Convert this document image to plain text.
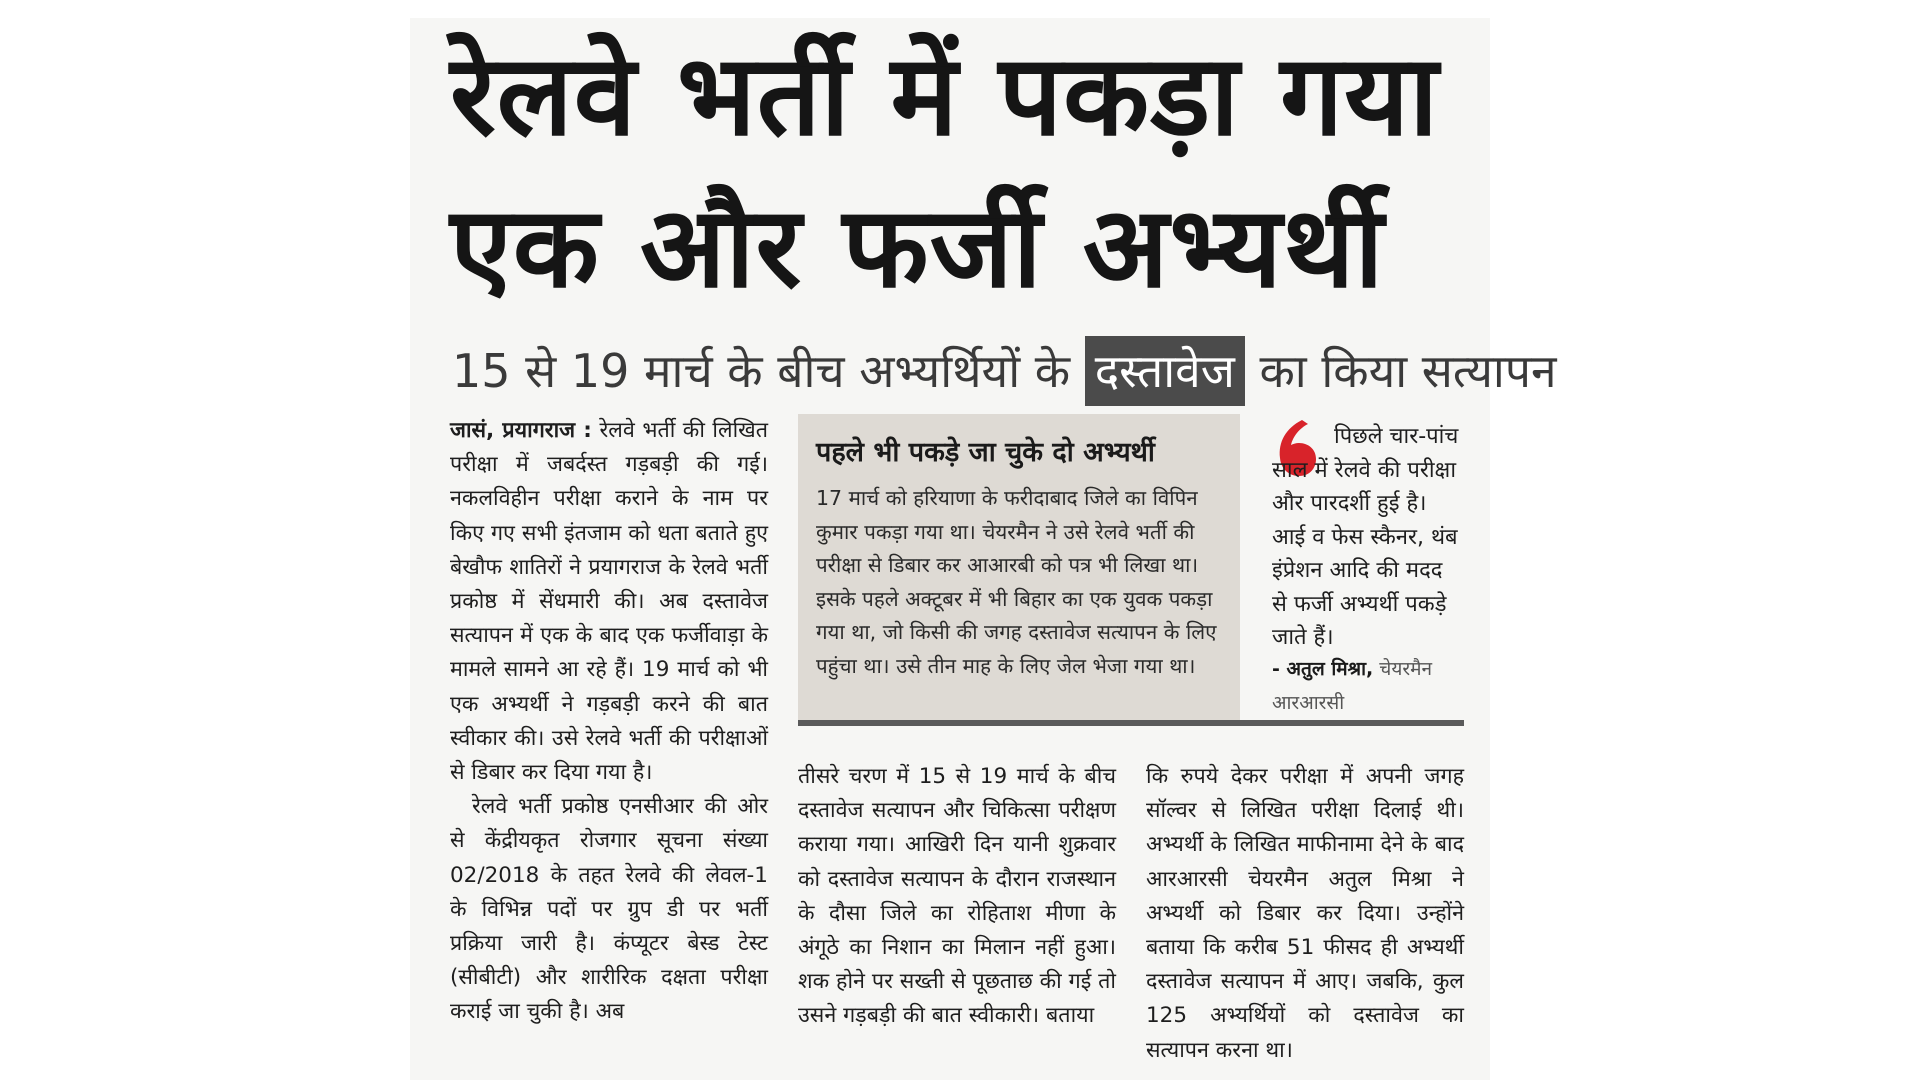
रेलवे भर्ती में पकड़ा गया
एक और फर्जी अभ्यर्थी
15 से 19 मार्च के बीच अभ्यर्थियों के दस्तावेज का किया सत्यापन

जासं, प्रयागराज : रेलवे भर्ती की लिखित परीक्षा में जबर्दस्त गड़बड़ी की गई। नकलविहीन परीक्षा कराने के नाम पर किए गए सभी इंतजाम को धता बताते हुए बेखौफ शातिरों ने प्रयागराज के रेलवे भर्ती प्रकोष्ठ में सेंधमारी की। अब दस्तावेज सत्यापन में एक के बाद एक फर्जीवाड़ा के मामले सामने आ रहे हैं। 19 मार्च को भी एक अभ्यर्थी ने गड़बड़ी करने की बात स्वीकार की। उसे रेलवे भर्ती की परीक्षाओं से डिबार कर दिया गया है।

रेलवे भर्ती प्रकोष्ठ एनसीआर की ओर से केंद्रीयकृत रोजगार सूचना संख्या 02/2018 के तहत रेलवे की लेवल-1 के विभिन्न पदों पर ग्रुप डी पर भर्ती प्रक्रिया जारी है। कंप्यूटर बेस्ड टेस्ट (सीबीटी) और शारीरिक दक्षता परीक्षा कराई जा चुकी है। अब

पहले भी पकड़े जा चुके दो अभ्यर्थी
17 मार्च को हरियाणा के फरीदाबाद जिले का विपिन कुमार पकड़ा गया था। चेयरमैन ने उसे रेलवे भर्ती की परीक्षा से डिबार कर आआरबी को पत्र भी लिखा था। इसके पहले अक्टूबर में भी बिहार का एक युवक पकड़ा गया था, जो किसी की जगह दस्तावेज सत्यापन के लिए पहुंचा था। उसे तीन माह के लिए जेल भेजा गया था।
पिछले चार-पांच साल में रेलवे की परीक्षा और पारदर्शी हुई है। आई व फेस स्कैनर, थंब इंप्रेशन आदि की मदद से फर्जी अभ्यर्थी पकड़े जाते हैं।
- अतुल मिश्रा, चेयरमैन आरआरसी
तीसरे चरण में 15 से 19 मार्च के बीच दस्तावेज सत्यापन और चिकित्सा परीक्षण कराया गया। आखिरी दिन यानी शुक्रवार को दस्तावेज सत्यापन के दौरान राजस्थान के दौसा जिले का रोहिताश मीणा के अंगूठे का निशान का मिलान नहीं हुआ। शक होने पर सख्ती से पूछताछ की गई तो उसने गड़बड़ी की बात स्वीकारी। बताया
कि रुपये देकर परीक्षा में अपनी जगह सॉल्वर से लिखित परीक्षा दिलाई थी। अभ्यर्थी के लिखित माफीनामा देने के बाद आरआरसी चेयरमैन अतुल मिश्रा ने अभ्यर्थी को डिबार कर दिया। उन्होंने बताया कि करीब 51 फीसद ही अभ्यर्थी दस्तावेज सत्यापन में आए। जबकि, कुल 125 अभ्यर्थियों को दस्तावेज का सत्यापन करना था।
